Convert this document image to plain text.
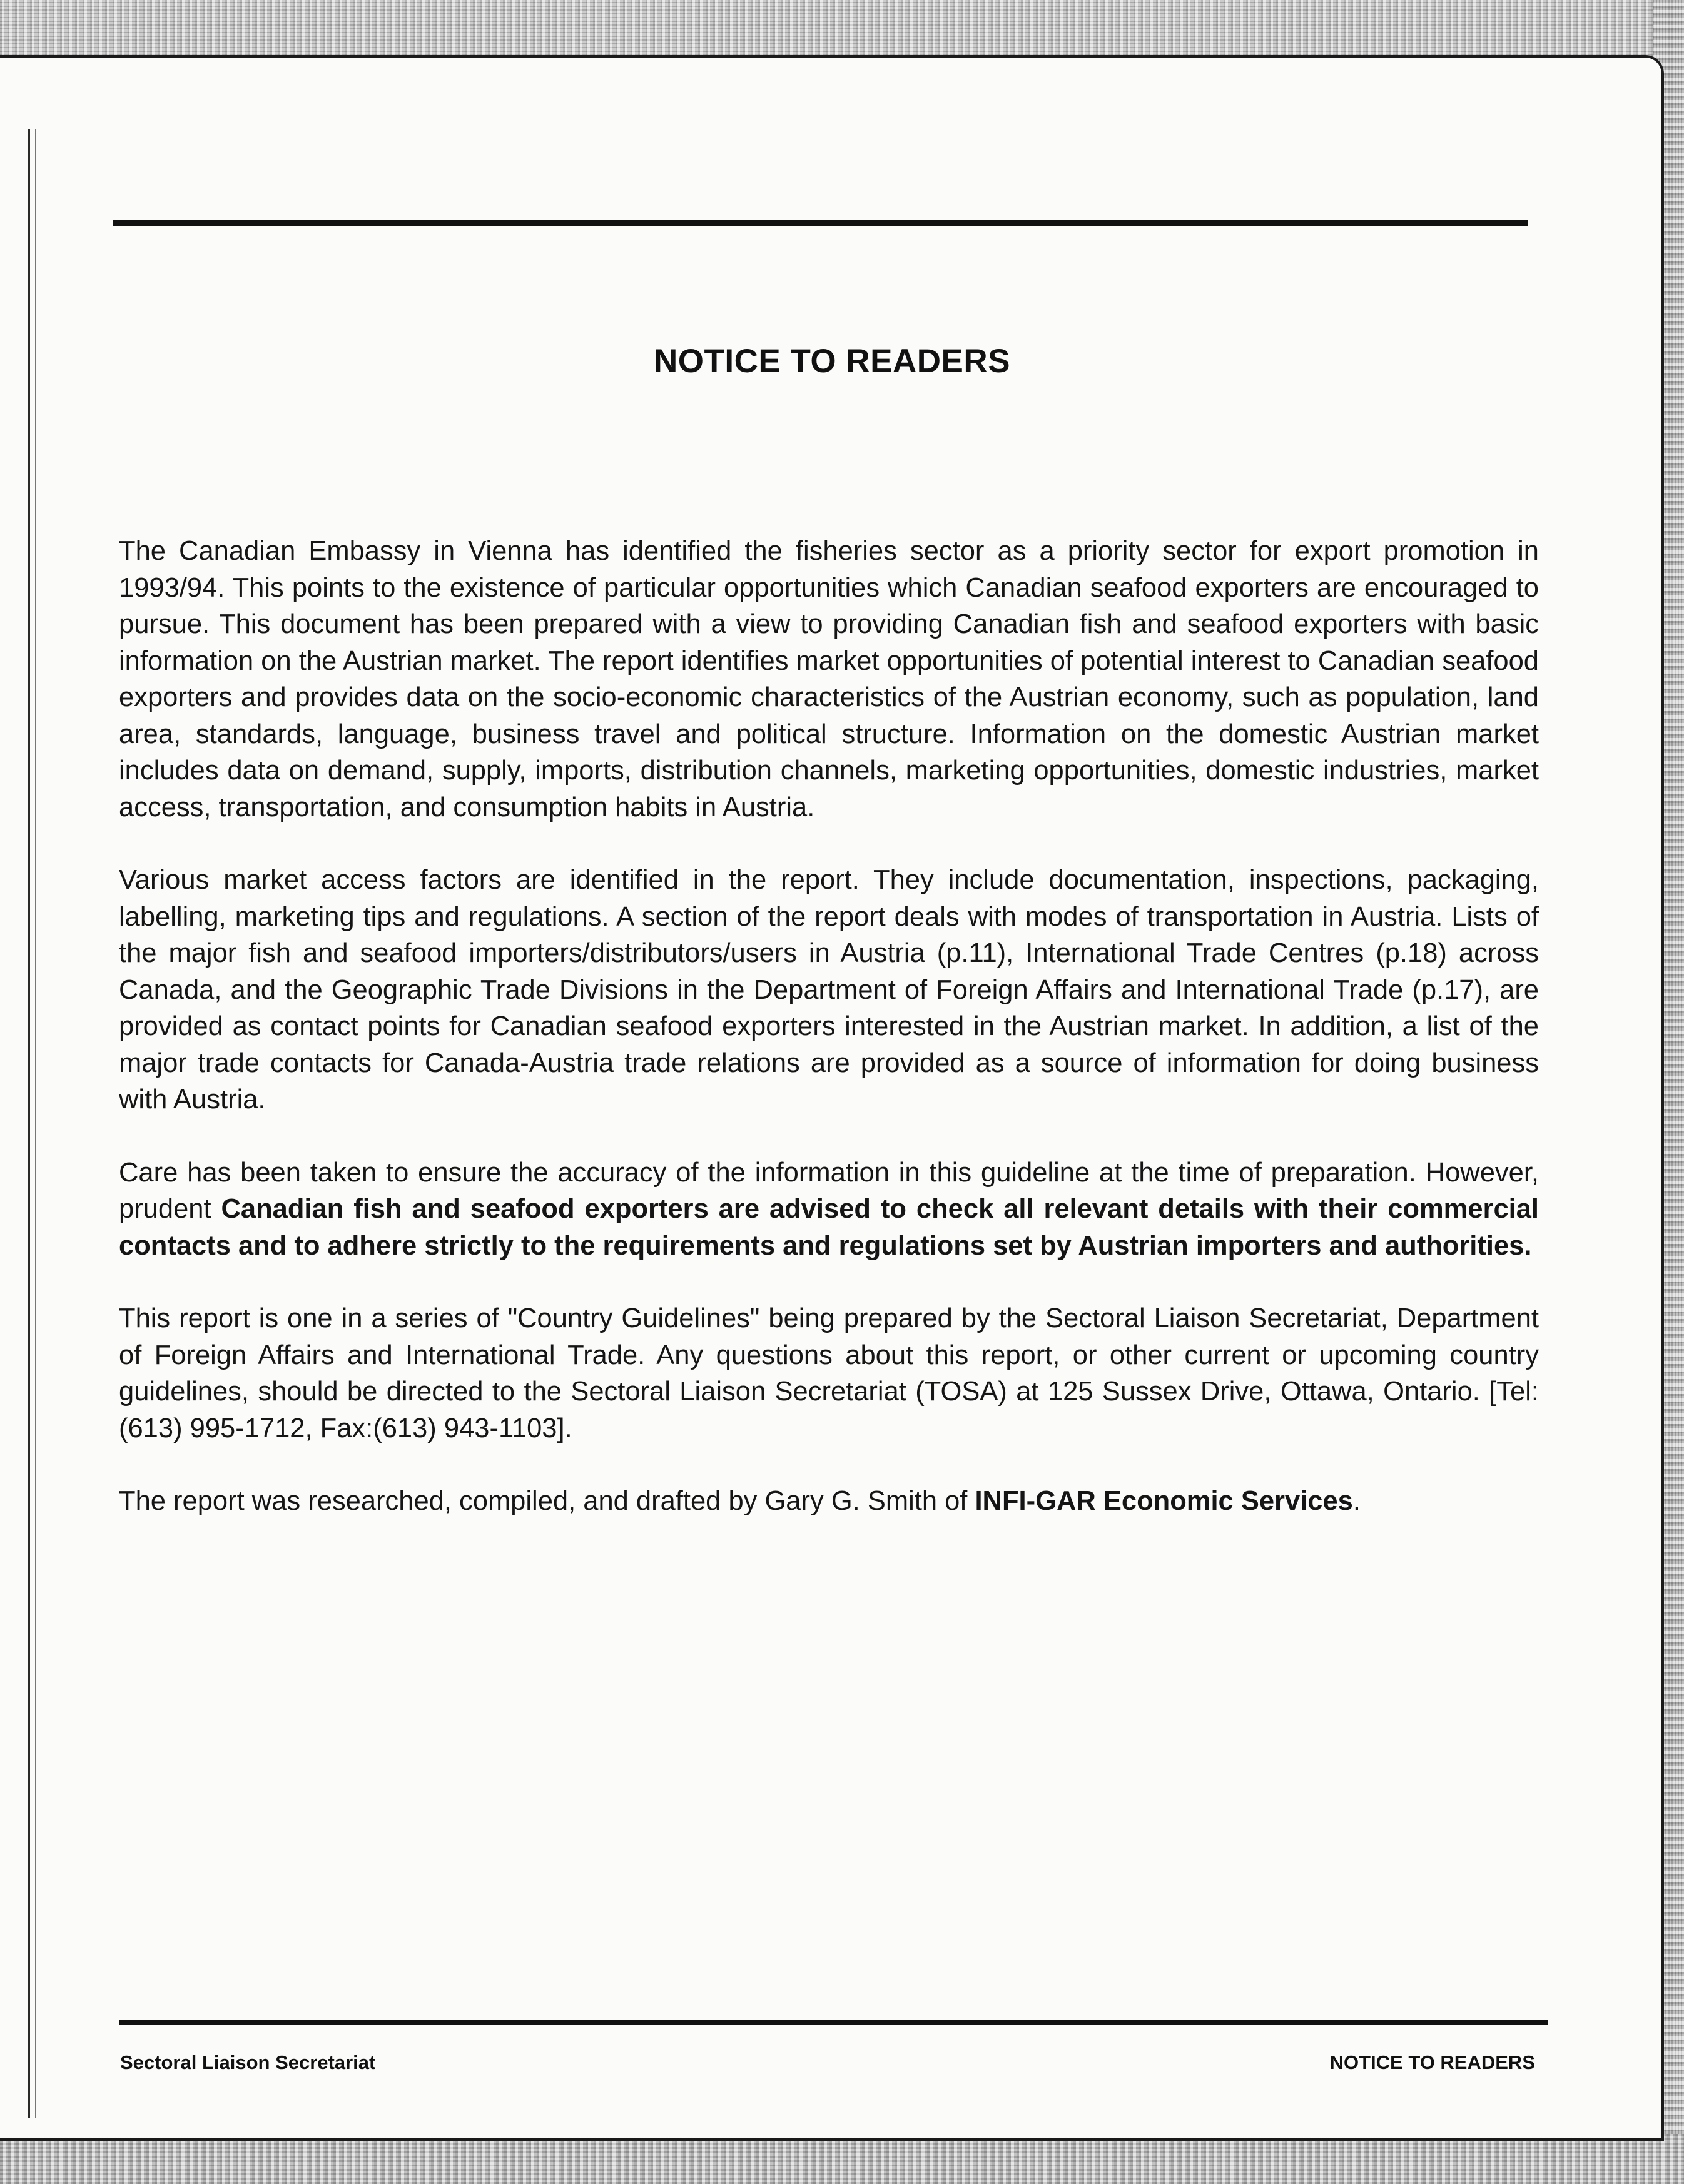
NOTICE TO READERS

The Canadian Embassy in Vienna has identified the fisheries sector as a priority sector for export promotion in 1993/94. This points to the existence of particular opportunities which Canadian seafood exporters are encouraged to pursue. This document has been prepared with a view to providing Canadian fish and seafood exporters with basic information on the Austrian market. The report identifies market opportunities of potential interest to Canadian seafood exporters and provides data on the socio-economic characteristics of the Austrian economy, such as population, land area, standards, language, business travel and political structure. Information on the domestic Austrian market includes data on demand, supply, imports, distribution channels, marketing opportunities, domestic industries, market access, transportation, and consumption habits in Austria.

Various market access factors are identified in the report. They include documentation, inspections, packaging, labelling, marketing tips and regulations. A section of the report deals with modes of transportation in Austria. Lists of the major fish and seafood importers/distributors/users in Austria (p.11), International Trade Centres (p.18) across Canada, and the Geographic Trade Divisions in the Department of Foreign Affairs and International Trade (p.17), are provided as contact points for Canadian seafood exporters interested in the Austrian market. In addition, a list of the major trade contacts for Canada-Austria trade relations are provided as a source of information for doing business with Austria.

Care has been taken to ensure the accuracy of the information in this guideline at the time of preparation. However, prudent Canadian fish and seafood exporters are advised to check all relevant details with their commercial contacts and to adhere strictly to the requirements and regulations set by Austrian importers and authorities.

This report is one in a series of "Country Guidelines" being prepared by the Sectoral Liaison Secretariat, Department of Foreign Affairs and International Trade. Any questions about this report, or other current or upcoming country guidelines, should be directed to the Sectoral Liaison Secretariat (TOSA) at 125 Sussex Drive, Ottawa, Ontario. [Tel:(613) 995-1712, Fax:(613) 943-1103].

The report was researched, compiled, and drafted by Gary G. Smith of INFI-GAR Economic Services.

Sectoral Liaison Secretariat	NOTICE TO READERS
